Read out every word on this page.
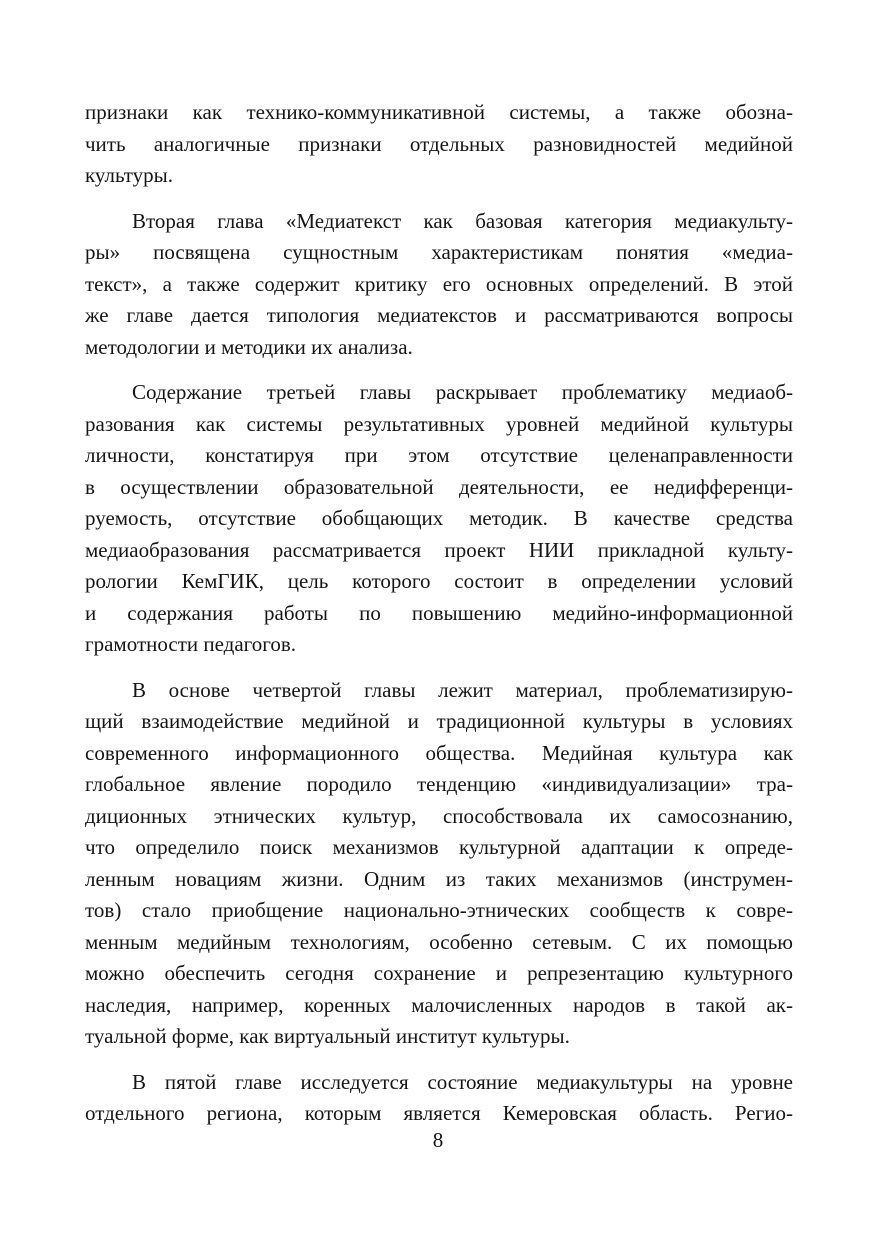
признаки как технико-коммуникативной системы, а также обозна-
чить аналогичные признаки отдельных разновидностей медийной
культуры.
Вторая глава «Медиатекст как базовая категория медиакульту-
ры» посвящена сущностным характеристикам понятия «медиа-
текст», а также содержит критику его основных определений. В этой
же главе дается типология медиатекстов и рассматриваются вопросы
методологии и методики их анализа.
Содержание третьей главы раскрывает проблематику медиаоб-
разования как системы результативных уровней медийной культуры
личности, констатируя при этом отсутствие целенаправленности
в осуществлении образовательной деятельности, ее недифференци-
руемость, отсутствие обобщающих методик. В качестве средства
медиаобразования рассматривается проект НИИ прикладной культу-
рологии КемГИК, цель которого состоит в определении условий
и содержания работы по повышению медийно-информационной
грамотности педагогов.
В основе четвертой главы лежит материал, проблематизирую-
щий взаимодействие медийной и традиционной культуры в условиях
современного информационного общества. Медийная культура как
глобальное явление породило тенденцию «индивидуализации» тра-
диционных этнических культур, способствовала их самосознанию,
что определило поиск механизмов культурной адаптации к опреде-
ленным новациям жизни. Одним из таких механизмов (инструмен-
тов) стало приобщение национально-этнических сообществ к совре-
менным медийным технологиям, особенно сетевым. С их помощью
можно обеспечить сегодня сохранение и репрезентацию культурного
наследия, например, коренных малочисленных народов в такой ак-
туальной форме, как виртуальный институт культуры.
В пятой главе исследуется состояние медиакультуры на уровне
отдельного региона, которым является Кемеровская область. Регио-
8
